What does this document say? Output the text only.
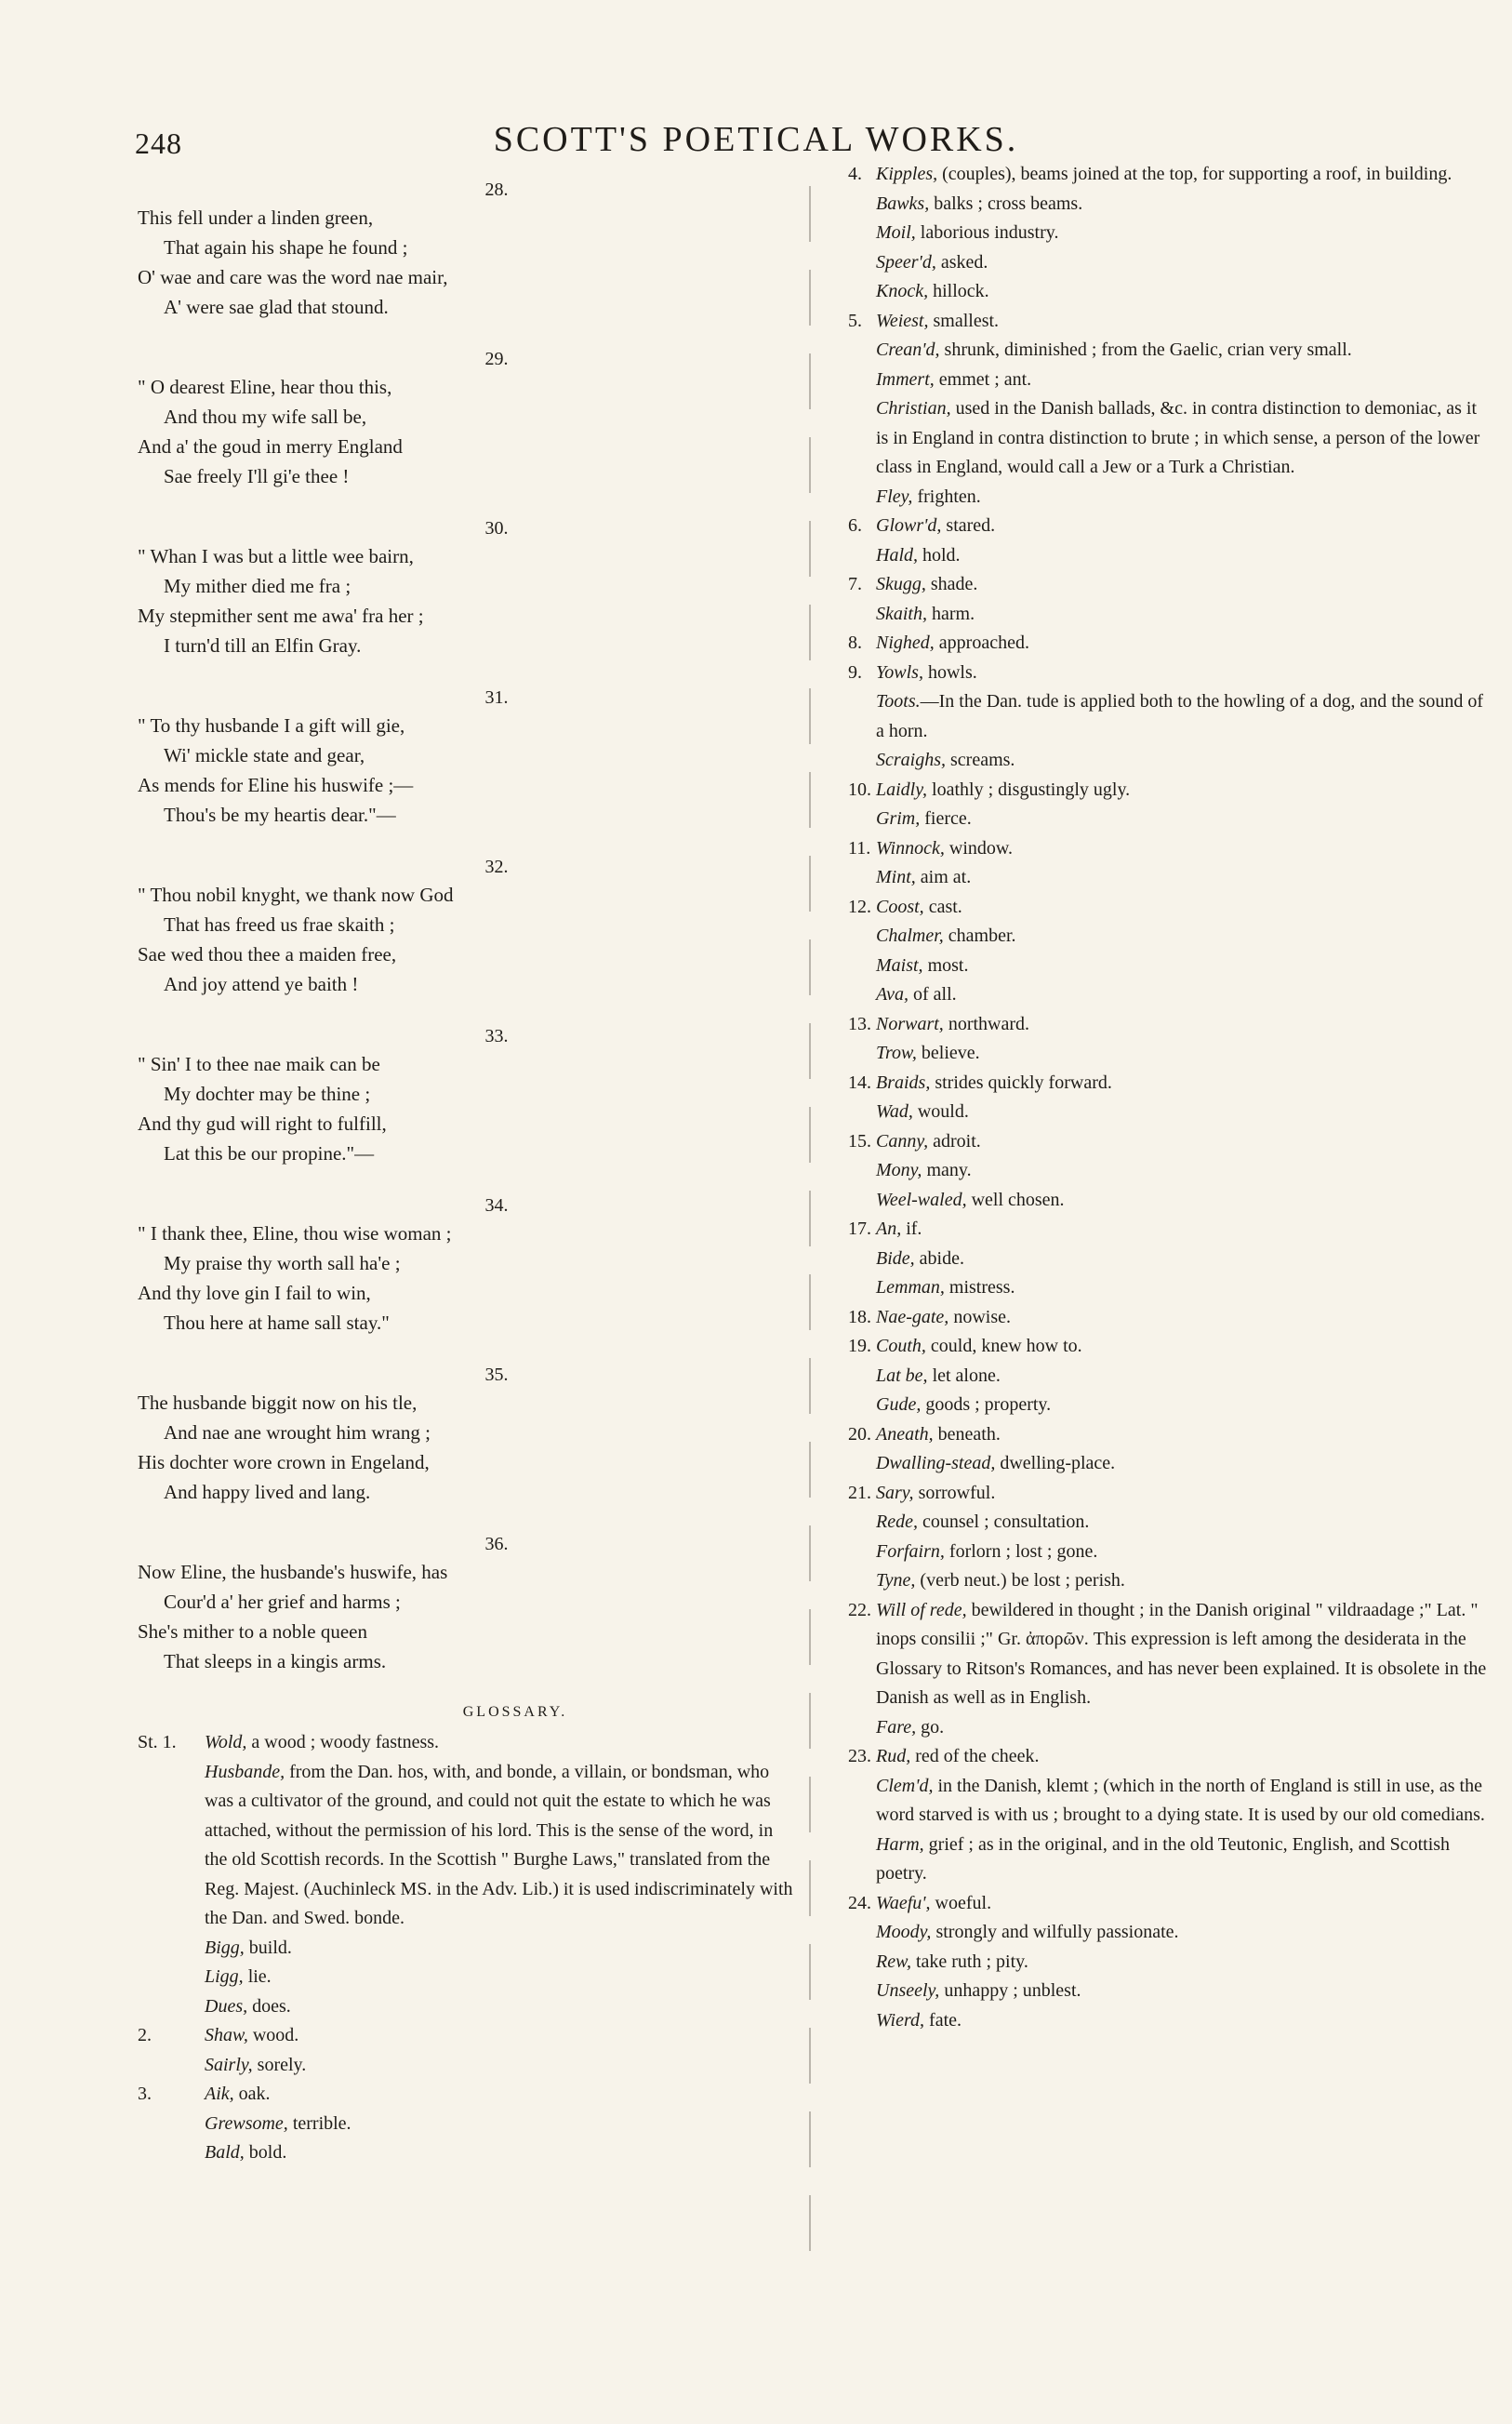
248	SCOTT'S POETICAL WORKS.
28.
This fell under a linden green,
That again his shape he found ;
O' wae and care was the word nae mair,
A' were sae glad that stound.
29.
" O dearest Eline, hear thou this,
And thou my wife sall be,
And a' the goud in merry England
Sae freely I'll gi'e thee !
30.
" Whan I was but a little wee bairn,
My mither died me fra ;
My stepmither sent me awa' fra her ;
I turn'd till an Elfin Gray.
31.
" To thy husbande I a gift will gie,
Wi' mickle state and gear,
As mends for Eline his huswife ;—
Thou's be my heartis dear."—
32.
" Thou nobil knyght, we thank now God
That has freed us frae skaith ;
Sae wed thou thee a maiden free,
And joy attend ye baith !
33.
" Sin' I to thee nae maik can be
My dochter may be thine ;
And thy gud will right to fulfill,
Lat this be our propine."—
34.
" I thank thee, Eline, thou wise woman ;
My praise thy worth sall ha'e ;
And thy love gin I fail to win,
Thou here at hame sall stay."
35.
The husbande biggit now on his tle,
And nae ane wrought him wrang ;
His dochter wore crown in Engeland,
And happy lived and lang.
36.
Now Eline, the husbande's huswife, has
Cour'd a' her grief and harms ;
She's mither to a noble queen
That sleeps in a kingis arms.
GLOSSARY.
St. 1.	Wold, a wood ; woody fastness.
Husbande, from the Dan. hos, with, and bonde, a villain, or bondsman, who was a cultivator of the ground, and could not quit the estate to which he was attached, without the permission of his lord. This is the sense of the word, in the old Scottish records. In the Scottish " Burghe Laws," translated from the Reg. Majest. (Auchinleck MS. in the Adv. Lib.) it is used indiscriminately with the Dan. and Swed. bonde.
Bigg, build.
Ligg, lie.
Dues, does.
2.	Shaw, wood.
Sairly, sorely.
3.	Aik, oak.
Grewsome, terrible.
Bald, bold.
4. Kipples, (couples), beams joined at the top, for supporting a roof, in building.
Bawks, balks ; cross beams.
Moil, laborious industry.
Speer'd, asked.
Knock, hillock.
5. Weiest, smallest.
Crean'd, shrunk, diminished ; from the Gaelic, crian very small.
Immert, emmet ; ant.
Christian, used in the Danish ballads, &c. in contra distinction to demoniac, as it is in England in contra distinction to brute ; in which sense, a person of the lower class in England, would call a Jew or a Turk a Christian.
Fley, frighten.
6. Glowr'd, stared.
Hald, hold.
7. Skugg, shade.
Skaith, harm.
8. Nighed, approached.
9. Yowls, howls.
Toots.—In the Dan. tude is applied both to the howling of a dog, and the sound of a horn.
Scraighs, screams.
10. Laidly, loathly ; disgustingly ugly.
Grim, fierce.
11. Winnock, window.
Mint, aim at.
12. Coost, cast.
Chalmer, chamber.
Maist, most.
Ava, of all.
13. Norwart, northward.
Trow, believe.
14. Braids, strides quickly forward.
Wad, would.
15. Canny, adroit.
Mony, many.
Weel-waled, well chosen.
17. An, if.
Bide, abide.
Lemman, mistress.
18. Nae-gate, nowise.
19. Couth, could, knew how to.
Lat be, let alone.
Gude, goods ; property.
20. Aneath, beneath.
Dwalling-stead, dwelling-place.
21. Sary, sorrowful.
Rede, counsel ; consultation.
Forfairn, forlorn ; lost ; gone.
Tyne, (verb neut.) be lost ; perish.
22. Will of rede, bewildered in thought ; in the Danish original " vildraadage ;" Lat. " inops consilii ;" Gr. ἀπορῶν. This expression is left among the desiderata in the Glossary to Ritson's Romances, and has never been explained. It is obsolete in the Danish as well as in English.
Fare, go.
23. Rud, red of the cheek.
Clem'd, in the Danish, klemt ; (which in the north of England is still in use, as the word starved is with us ; brought to a dying state. It is used by our old comedians.
Harm, grief ; as in the original, and in the old Teutonic, English, and Scottish poetry.
24. Waefu', woeful.
Moody, strongly and wilfully passionate.
Rew, take ruth ; pity.
Unseely, unhappy ; unblest.
Wierd, fate.
